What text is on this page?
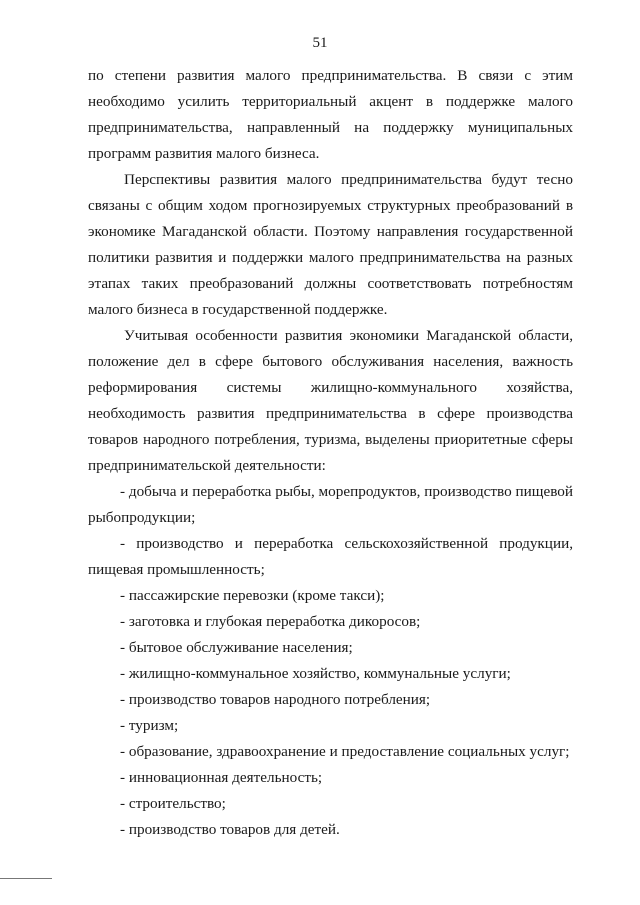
51

по степени развития малого предпринимательства. В связи с этим необходимо усилить территориальный акцент в поддержке малого предпринимательства, направленный на поддержку муниципальных программ развития малого бизнеса.

Перспективы развития малого предпринимательства будут тесно связаны с общим ходом прогнозируемых структурных преобразований в экономике Магаданской области. Поэтому направления государственной политики развития и поддержки малого предпринимательства на разных этапах таких преобразований должны соответствовать потребностям малого бизнеса в государственной поддержке.

Учитывая особенности развития экономики Магаданской области, положение дел в сфере бытового обслуживания населения, важность реформирования системы жилищно-коммунального хозяйства, необходимость развития предпринимательства в сфере производства товаров народного потребления, туризма, выделены приоритетные сферы предпринимательской деятельности:

- добыча и переработка рыбы, морепродуктов, производство пищевой рыбопродукции;

- производство и переработка сельскохозяйственной продукции, пищевая промышленность;

- пассажирские перевозки (кроме такси);

- заготовка и глубокая переработка дикоросов;

- бытовое обслуживание населения;

- жилищно-коммунальное хозяйство, коммунальные услуги;

- производство товаров народного потребления;

- туризм;

- образование, здравоохранение и предоставление социальных услуг;

- инновационная деятельность;

- строительство;

- производство товаров для детей.
